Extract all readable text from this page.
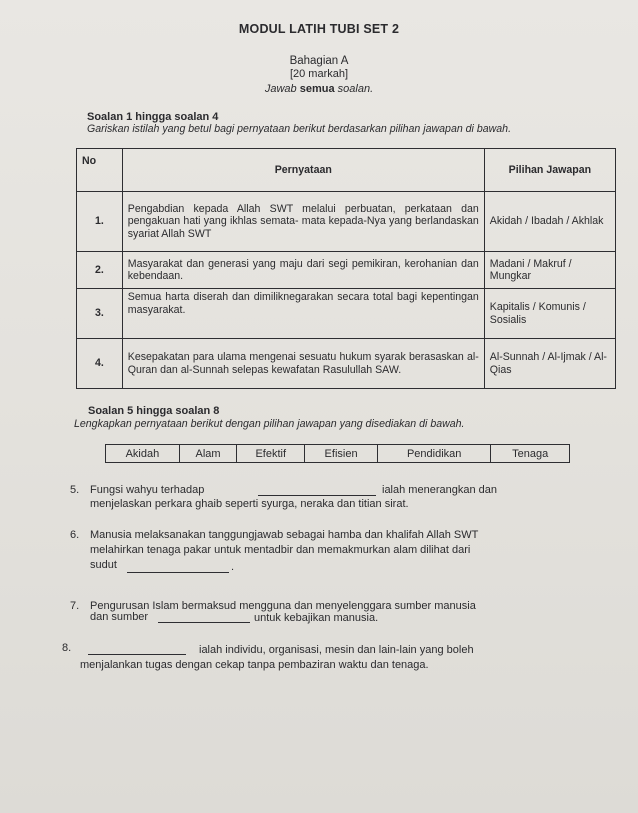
MODUL LATIH TUBI SET 2
Bahagian A
[20 markah]
Jawab semua soalan.
Soalan 1 hingga soalan 4
Gariskan istilah yang betul bagi pernyataan berikut berdasarkan pilihan jawapan di bawah.
No	Pernyataan	Pilihan Jawapan
1.	Pengabdian kepada Allah SWT melalui perbuatan, perkataan dan pengakuan hati yang ikhlas semata- mata kepada-Nya yang berlandaskan syariat Allah SWT	Akidah / Ibadah / Akhlak
2.	Masyarakat dan generasi yang maju dari segi pemikiran, kerohanian dan kebendaan.	Madani / Makruf / Mungkar
3.	Semua harta diserah dan dimiliknegarakan secara total bagi kepentingan masyarakat.	Kapitalis / Komunis / Sosialis
4.	Kesepakatan para ulama mengenai sesuatu hukum syarak berasaskan al-Quran dan al-Sunnah selepas kewafatan Rasulullah SAW.	Al-Sunnah / Al-Ijmak / Al-Qias
Soalan 5 hingga soalan 8
Lengkapkan pernyataan berikut dengan pilihan jawapan yang disediakan di bawah.
Akidah	Alam	Efektif	Efisien	Pendidikan	Tenaga
5. Fungsi wahyu terhadap	ialah menerangkan dan
menjelaskan perkara ghaib seperti syurga, neraka dan titian sirat.
6. Manusia melaksanakan tanggungjawab sebagai hamba dan khalifah Allah SWT
melahirkan tenaga pakar untuk mentadbir dan memakmurkan alam dilihat dari
sudut	.
7. Pengurusan Islam bermaksud mengguna dan menyelenggara sumber manusia
dan sumber	untuk kebajikan manusia.
8.	ialah individu, organisasi, mesin dan lain-lain yang boleh
menjalankan tugas dengan cekap tanpa pembaziran waktu dan tenaga.
